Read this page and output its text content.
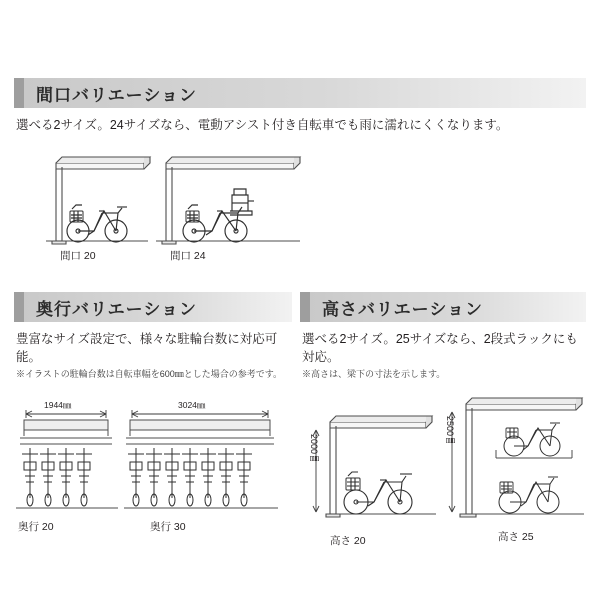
間口バリエーション
選べる2サイズ。24サイズなら、電動アシスト付き自転車でも雨に濡れにくくなります。
間口 20	間口 24
奥行バリエーション
豊富なサイズ設定で、様々な駐輪台数に対応可能。
※イラストの駐輪台数は自転車幅を600㎜とした場合の参考です。
1944㎜
奥行 20
3024㎜
奥行 30
高さバリエーション
選べる2サイズ。25サイズなら、2段式ラックにも対応。
※高さは、梁下の寸法を示します。
高さ 20
2000㎜
高さ 25
2500㎜
